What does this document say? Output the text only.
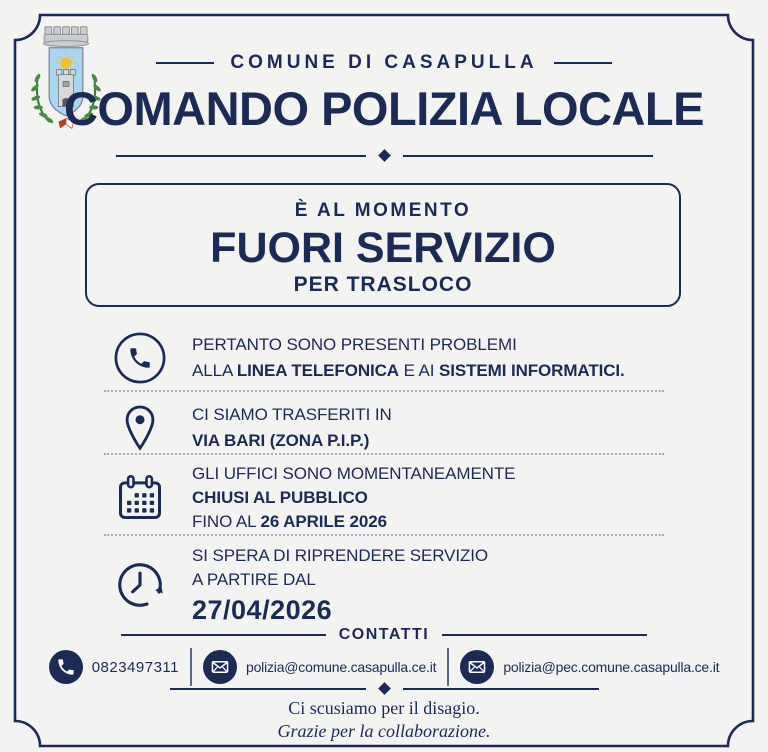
COMUNE DI CASAPULLA
COMANDO POLIZIA LOCALE
È AL MOMENTO
FUORI SERVIZIO
PER TRASLOCO
PERTANTO SONO PRESENTI PROBLEMI
ALLA LINEA TELEFONICA E AI SISTEMI INFORMATICI.
CI SIAMO TRASFERITI IN
VIA BARI (ZONA P.I.P.)
GLI UFFICI SONO MOMENTANEAMENTE
CHIUSI AL PUBBLICO
FINO AL 26 APRILE 2026
SI SPERA DI RIPRENDERE SERVIZIO
A PARTIRE DAL
27/04/2026
CONTATTI
0823497311	polizia@comune.casapulla.ce.it	polizia@pec.comune.casapulla.ce.it
Ci scusiamo per il disagio.
Grazie per la collaborazione.
